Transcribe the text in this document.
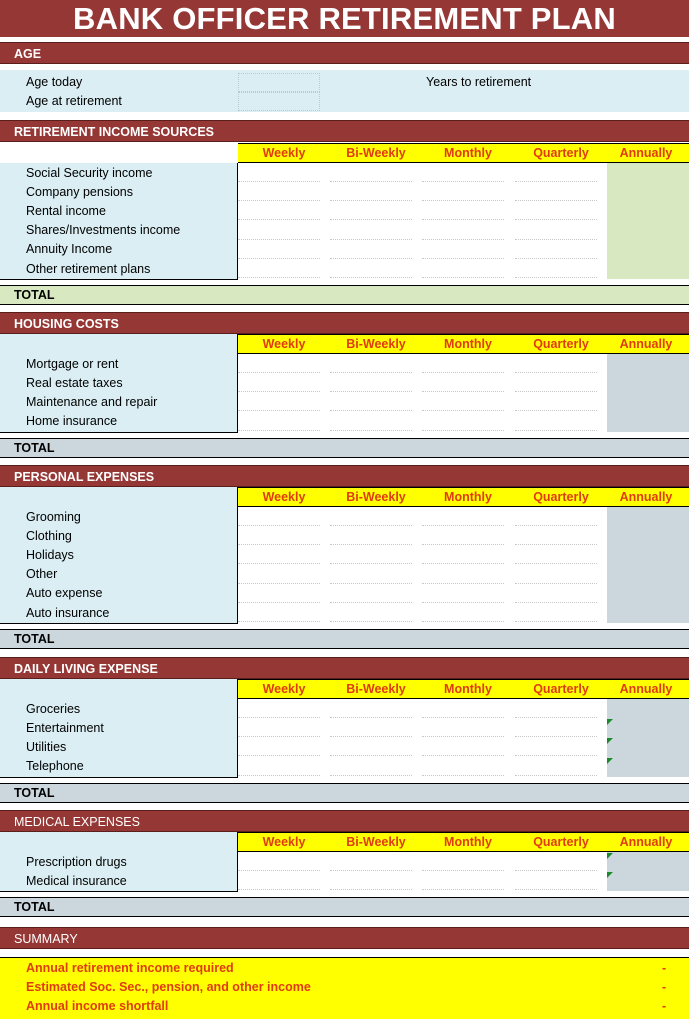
BANK OFFICER RETIREMENT PLAN
AGE
Age today
Age at retirement
Years to retirement
RETIREMENT INCOME SOURCES
Weekly	Bi-Weekly	Monthly	Quarterly	Annually
Social Security income
Company pensions
Rental income
Shares/Investments income
Annuity Income
Other retirement plans
TOTAL
HOUSING COSTS
Weekly	Bi-Weekly	Monthly	Quarterly	Annually
Mortgage or rent
Real estate taxes
Maintenance and repair
Home insurance
TOTAL
PERSONAL EXPENSES
Weekly	Bi-Weekly	Monthly	Quarterly	Annually
Grooming
Clothing
Holidays
Other
Auto expense
Auto insurance
TOTAL
DAILY LIVING EXPENSE
Weekly	Bi-Weekly	Monthly	Quarterly	Annually
Groceries
Entertainment
Utilities
Telephone
TOTAL
MEDICAL EXPENSES
Weekly	Bi-Weekly	Monthly	Quarterly	Annually
Prescription drugs
Medical insurance
TOTAL
SUMMARY
Annual retirement income required	-
Estimated Soc. Sec., pension, and other income	-
Annual income shortfall	-
